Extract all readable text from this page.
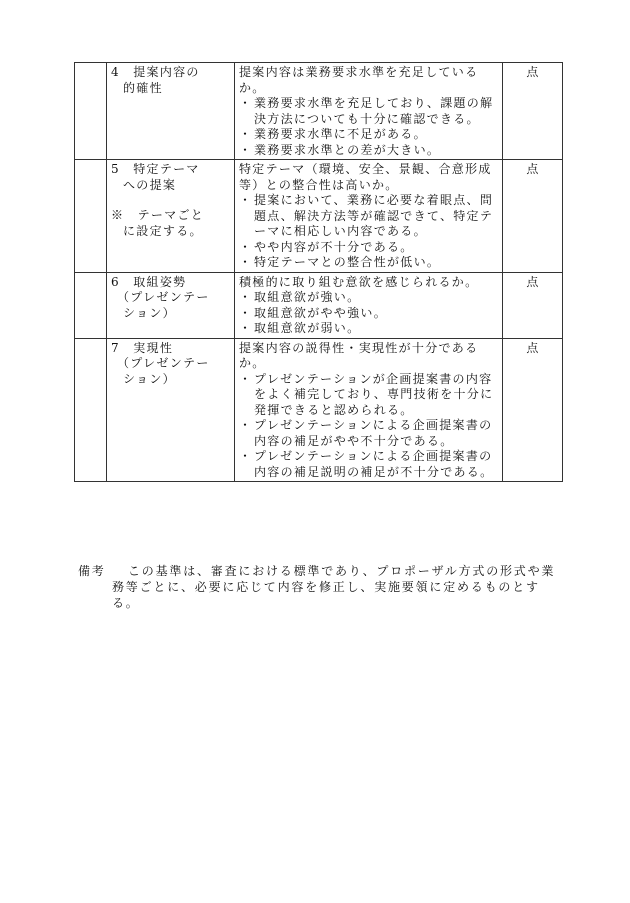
	4　提案内容の
的確性	提案内容は業務要求水準を充足しているか。
・ 業務要求水準を充足しており、課題の解決方法についても十分に確認できる。
・ 業務要求水準に不足がある。
・ 業務要求水準との差が大きい。	点

	5　特定テーマ
への提案
※　テーマごと
に設定する。	特定テーマ（環境、安全、景観、合意形成等）との整合性は高いか。
・ 提案において、業務に必要な着眼点、問題点、解決方法等が確認できて、特定テーマに相応しい内容である。
・ やや内容が不十分である。
・ 特定テーマとの整合性が低い。	点

	6　取組姿勢
（プレゼンテー
ション）	積極的に取り組む意欲を感じられるか。
・ 取組意欲が強い。
・ 取組意欲がやや強い。
・ 取組意欲が弱い。	点

	7　実現性
（プレゼンテー
ション）	提案内容の説得性・実現性が十分であるか。
・ プレゼンテーションが企画提案書の内容をよく補完しており、専門技術を十分に発揮できると認められる。
・ プレゼンテーションによる企画提案書の内容の補足がやや不十分である。
・ プレゼンテーションによる企画提案書の内容の補足説明の補足が不十分である。	点
備考	この基準は、審査における標準であり、プロポーザル方式の形式や業務等ごとに、必要に応じて内容を修正し、実施要領に定めるものとする。
